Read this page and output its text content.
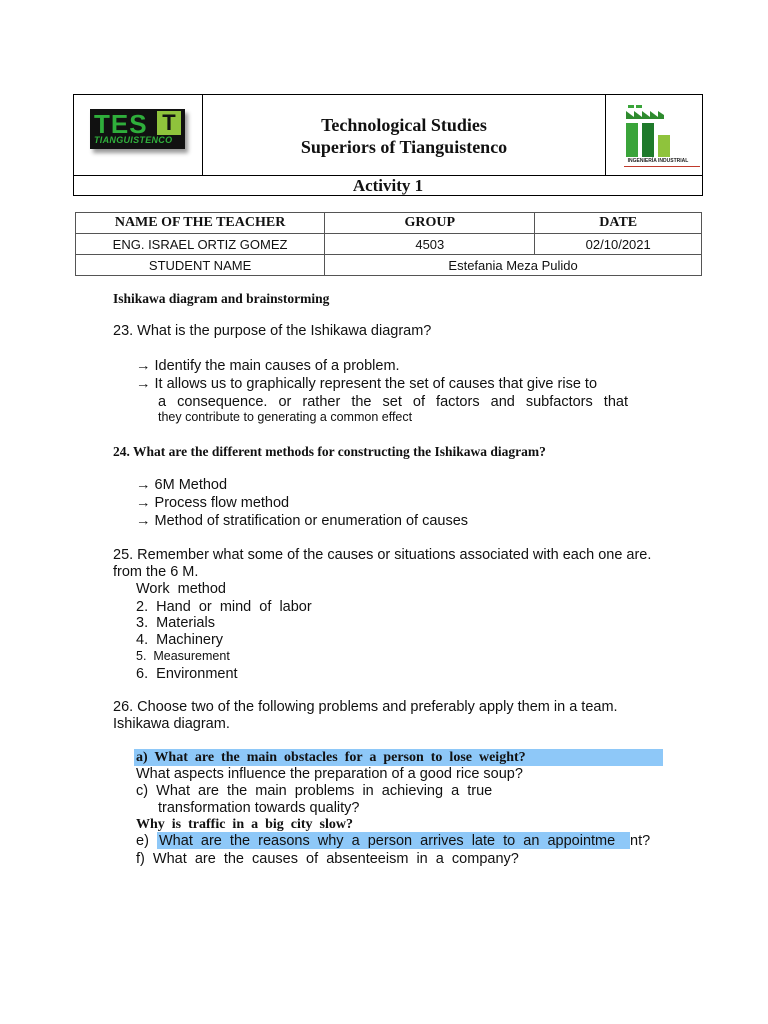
TES T
TIANGUISTENCO
Technological Studies
Superiors of Tianguistenco
INGENIERÍA INDUSTRIAL
Activity 1
NAME OF THE TEACHER	GROUP	DATE
ENG. ISRAEL ORTIZ GOMEZ	4503	02/10/2021
STUDENT NAME	Estefania Meza Pulido	
Ishikawa diagram and brainstorming
23. What is the purpose of the Ishikawa diagram?
→ Identify the main causes of a problem.
→ It allows us to graphically represent the set of causes that give rise to
a consequence. or rather the set of factors and subfactors that
they contribute to generating a common effect
24. What are the different methods for constructing the Ishikawa diagram?
→ 6M Method
→ Process flow method
→ Method of stratification or enumeration of causes
25. Remember what some of the causes or situations associated with each one are.
from the 6 M.
Work  method
2.  Hand  or  mind  of  labor
3.  Materials
4.  Machinery
5.  Measurement
6.  Environment
26. Choose two of the following problems and preferably apply them in a team.
Ishikawa diagram.
a)  What  are  the  main  obstacles  for  a  person  to  lose  weight?
What aspects influence the preparation of a good rice soup?
c)  What  are  the  main  problems  in  achieving  a  true
transformation towards quality?
Why  is  traffic  in  a  big  city  slow?
e) What  are  the  reasons  why  a  person  arrives  late  to  an  appointme nt?
f)  What  are  the  causes  of  absenteeism  in  a  company?
